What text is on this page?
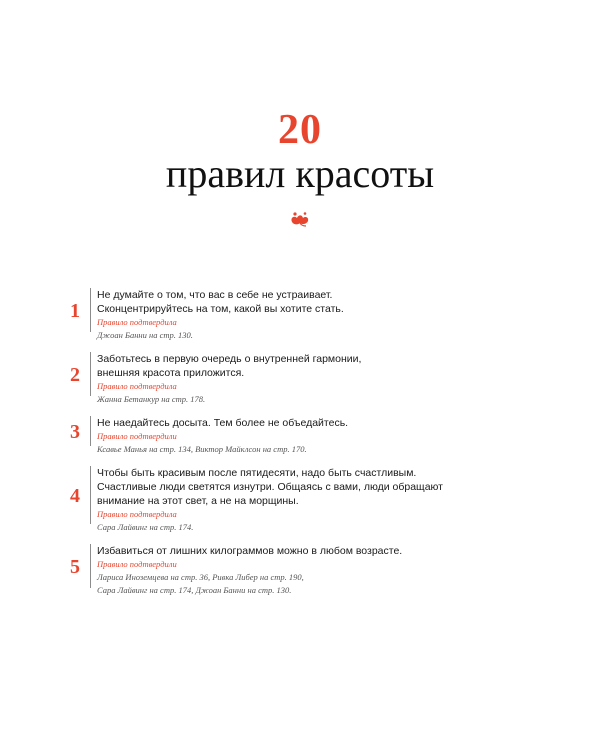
20
правил красоты
1
Не думайте о том, что вас в себе не устраивает.
Сконцентрируйтесь на том, какой вы хотите стать.
Правило подтвердила
Джоан Банни на стр. 130.
2
Заботьтесь в первую очередь о внутренней гармонии,
внешняя красота приложится.
Правило подтвердила
Жанна Бетанкур на стр. 178.
3	Не наедайтесь досыта. Тем более не объедайтесь.
Правило подтвердили
Ксавье Манья на стр. 134, Виктор Майклсон на стр. 170.
4
Чтобы быть красивым после пятидесяти, надо быть счастливым.
Счастливые люди светятся изнутри. Общаясь с вами, люди обращают
внимание на этот свет, а не на морщины.
Правило подтвердила
Сара Лайвинг на стр. 174.
5
Избавиться от лишних килограммов можно в любом возрасте.
Правило подтвердили
Лариса Иноземцева на стр. 36, Ривка Либер на стр. 190,
Сара Лайвинг на стр. 174, Джоан Банни на стр. 130.
